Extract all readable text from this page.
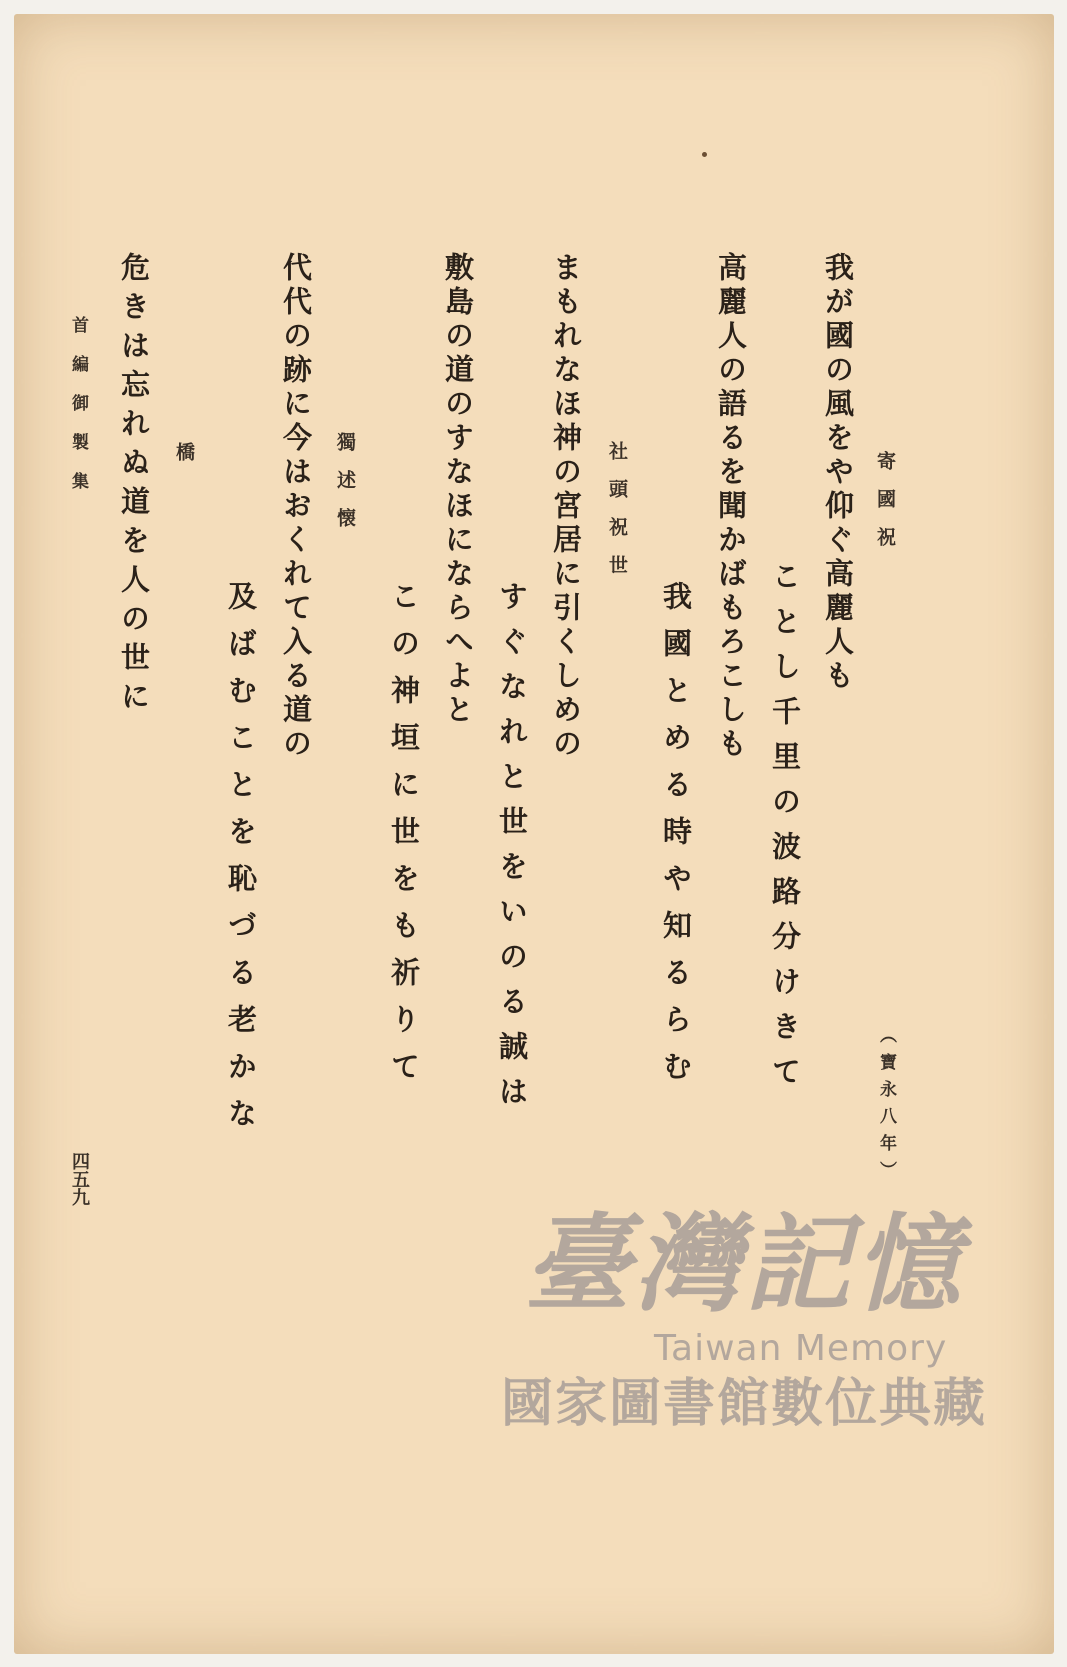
寄國祝
（寶永八年）
我が國の風をや仰ぐ高麗人も
ことし千里の波路分けきて
高麗人の語るを聞かばもろこしも
我國とめる時や知るらむ
社頭祝世
まもれなほ神の宮居に引くしめの
すぐなれと世をいのる誠は
敷島の道のすなほにならへよと
この神垣に世をも祈りて
獨述懐
代代の跡に今はおくれて入る道の
及ばむことを恥づる老かな
橋
危きは忘れぬ道を人の世に
首編御製集
四五九
臺灣記憶
Taiwan Memory
國家圖書館數位典藏
